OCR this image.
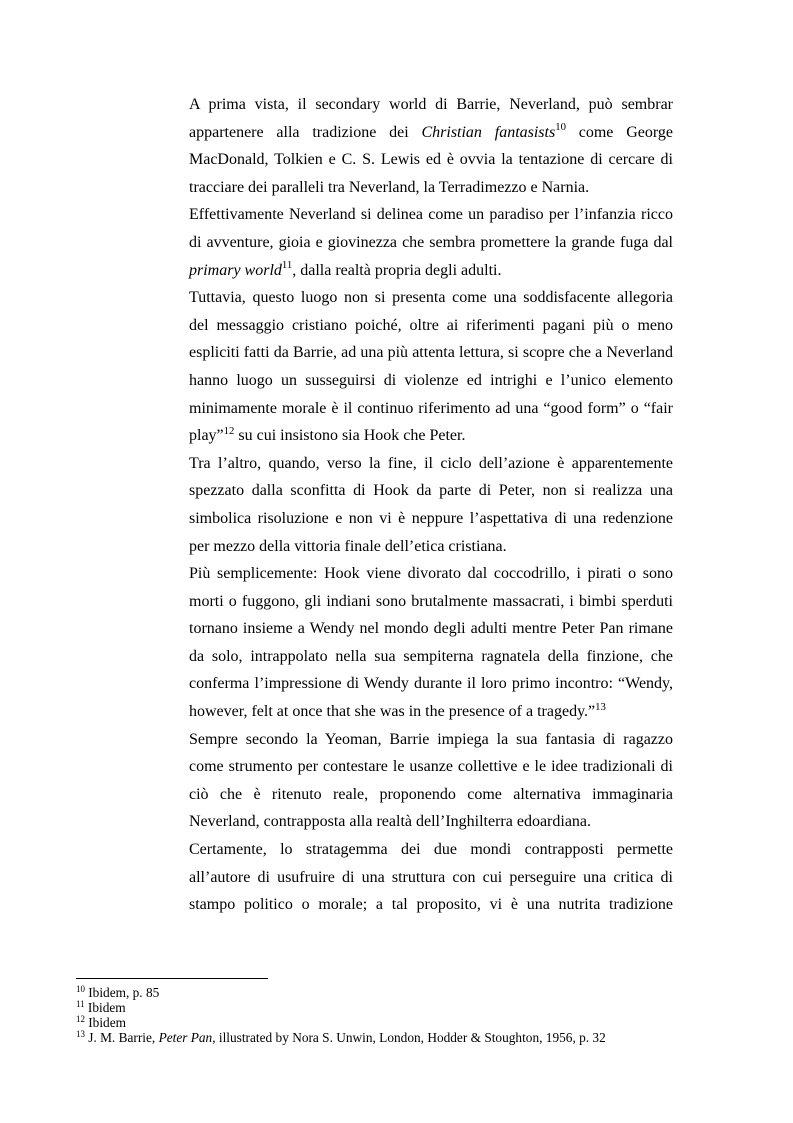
A prima vista, il secondary world di Barrie, Neverland, può sembrar
appartenere alla tradizione dei Christian fantasists$^{10}$ come George
MacDonald, Tolkien e C. S. Lewis ed è ovvia la tentazione di cercare di
tracciare dei paralleli tra Neverland, la Terradimezzo e Narnia.
Effettivamente Neverland si delinea come un paradiso per l’infanzia ricco
di avventure, gioia e giovinezza che sembra promettere la grande fuga dal
primary world$^{11}$, dalla realtà propria degli adulti.
Tuttavia, questo luogo non si presenta come una soddisfacente allegoria
del messaggio cristiano poiché, oltre ai riferimenti pagani più o meno
espliciti fatti da Barrie, ad una più attenta lettura, si scopre che a Neverland
hanno luogo un susseguirsi di violenze ed intrighi e l’unico elemento
minimamente morale è il continuo riferimento ad una “good form” o “fair
play”$^{12}$ su cui insistono sia Hook che Peter.
Tra l’altro, quando, verso la fine, il ciclo dell’azione è apparentemente
spezzato dalla sconfitta di Hook da parte di Peter, non si realizza una
simbolica risoluzione e non vi è neppure l’aspettativa di una redenzione
per mezzo della vittoria finale dell’etica cristiana.
Più semplicemente: Hook viene divorato dal coccodrillo, i pirati o sono
morti o fuggono, gli indiani sono brutalmente massacrati, i bimbi sperduti
tornano insieme a Wendy nel mondo degli adulti mentre Peter Pan rimane
da solo, intrappolato nella sua sempiterna ragnatela della finzione, che
conferma l’impressione di Wendy durante il loro primo incontro: “Wendy,
however, felt at once that she was in the presence of a tragedy.”$^{13}$
Sempre secondo la Yeoman, Barrie impiega la sua fantasia di ragazzo
come strumento per contestare le usanze collettive e le idee tradizionali di
ciò che è ritenuto reale, proponendo come alternativa immaginaria
Neverland, contrapposta alla realtà dell’Inghilterra edoardiana.
Certamente, lo stratagemma dei due mondi contrapposti permette
all’autore di usufruire di una struttura con cui perseguire una critica di
stampo politico o morale; a tal proposito, vi è una nutrita tradizione
$^{10}$ Ibidem, p. 85
$^{11}$ Ibidem
$^{12}$ Ibidem
$^{13}$ J. M. Barrie, Peter Pan, illustrated by Nora S. Unwin, London, Hodder & Stoughton, 1956, p. 32
